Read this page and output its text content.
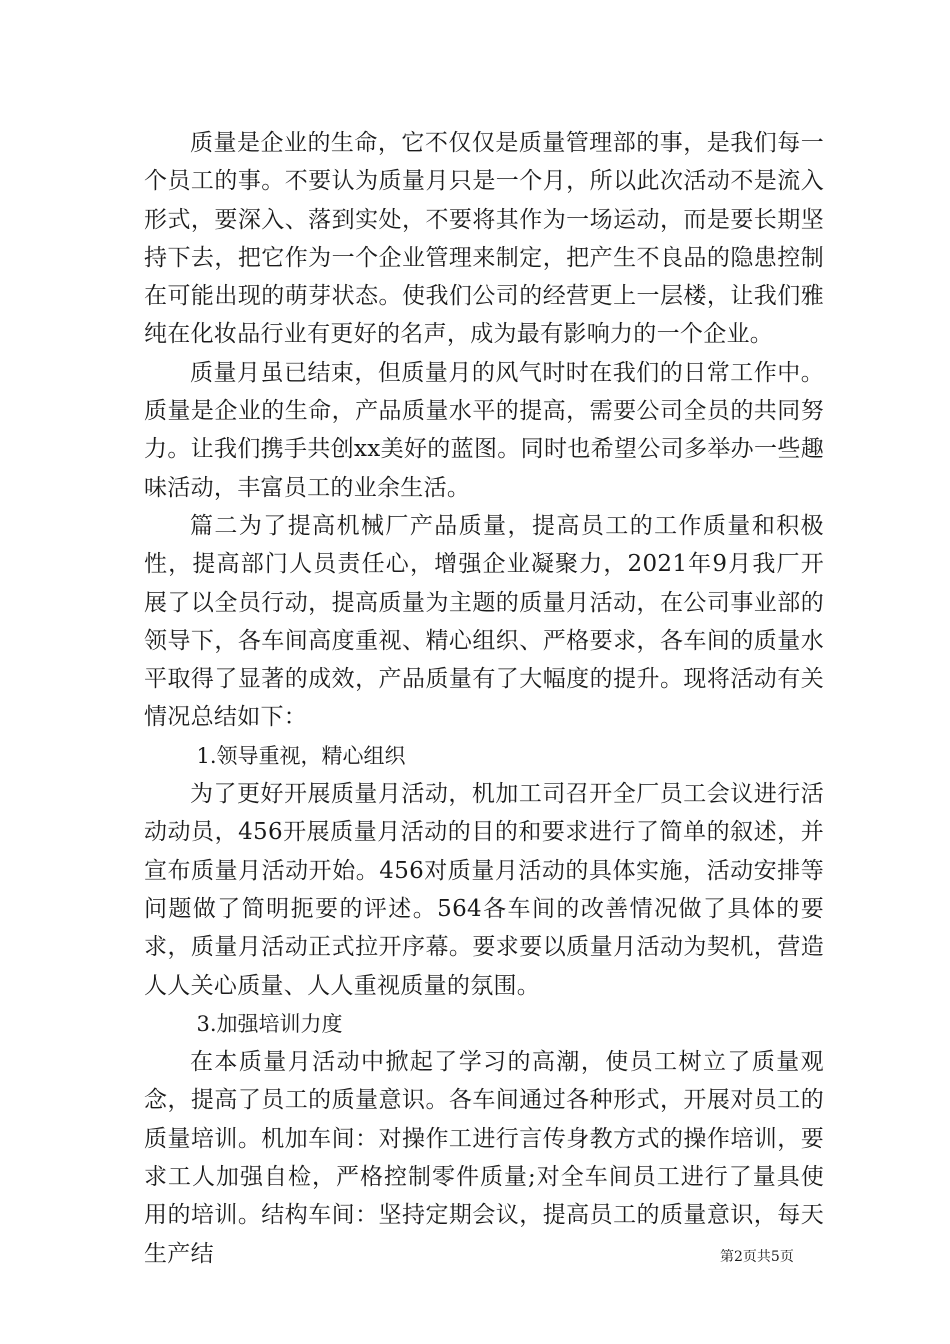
质量是企业的生命，它不仅仅是质量管理部的事，是我们每一个员工的事。不要认为质量月只是一个月，所以此次活动不是流入形式，要深入、落到实处，不要将其作为一场运动，而是要长期坚持下去，把它作为一个企业管理来制定，把产生不良品的隐患控制在可能出现的萌芽状态。使我们公司的经营更上一层楼，让我们雅纯在化妆品行业有更好的名声，成为最有影响力的一个企业。

质量月虽已结束，但质量月的风气时时在我们的日常工作中。质量是企业的生命，产品质量水平的提高，需要公司全员的共同努力。让我们携手共创xx美好的蓝图。同时也希望公司多举办一些趣味活动，丰富员工的业余生活。

篇二为了提高机械厂产品质量，提高员工的工作质量和积极性，提高部门人员责任心，增强企业凝聚力，2021年9月我厂开展了以全员行动，提高质量为主题的质量月活动，在公司事业部的领导下，各车间高度重视、精心组织、严格要求，各车间的质量水平取得了显著的成效，产品质量有了大幅度的提升。现将活动有关情况总结如下：

1.领导重视，精心组织

为了更好开展质量月活动，机加工司召开全厂员工会议进行活动动员，456开展质量月活动的目的和要求进行了简单的叙述，并宣布质量月活动开始。456对质量月活动的具体实施，活动安排等问题做了简明扼要的评述。564各车间的改善情况做了具体的要求，质量月活动正式拉开序幕。要求要以质量月活动为契机，营造人人关心质量、人人重视质量的氛围。

3.加强培训力度

在本质量月活动中掀起了学习的高潮，使员工树立了质量观念，提高了员工的质量意识。各车间通过各种形式，开展对员工的质量培训。机加车间：对操作工进行言传身教方式的操作培训，要求工人加强自检，严格控制零件质量;对全车间员工进行了量具使用的培训。结构车间：坚持定期会议，提高员工的质量意识，每天生产结	第2页共5页
